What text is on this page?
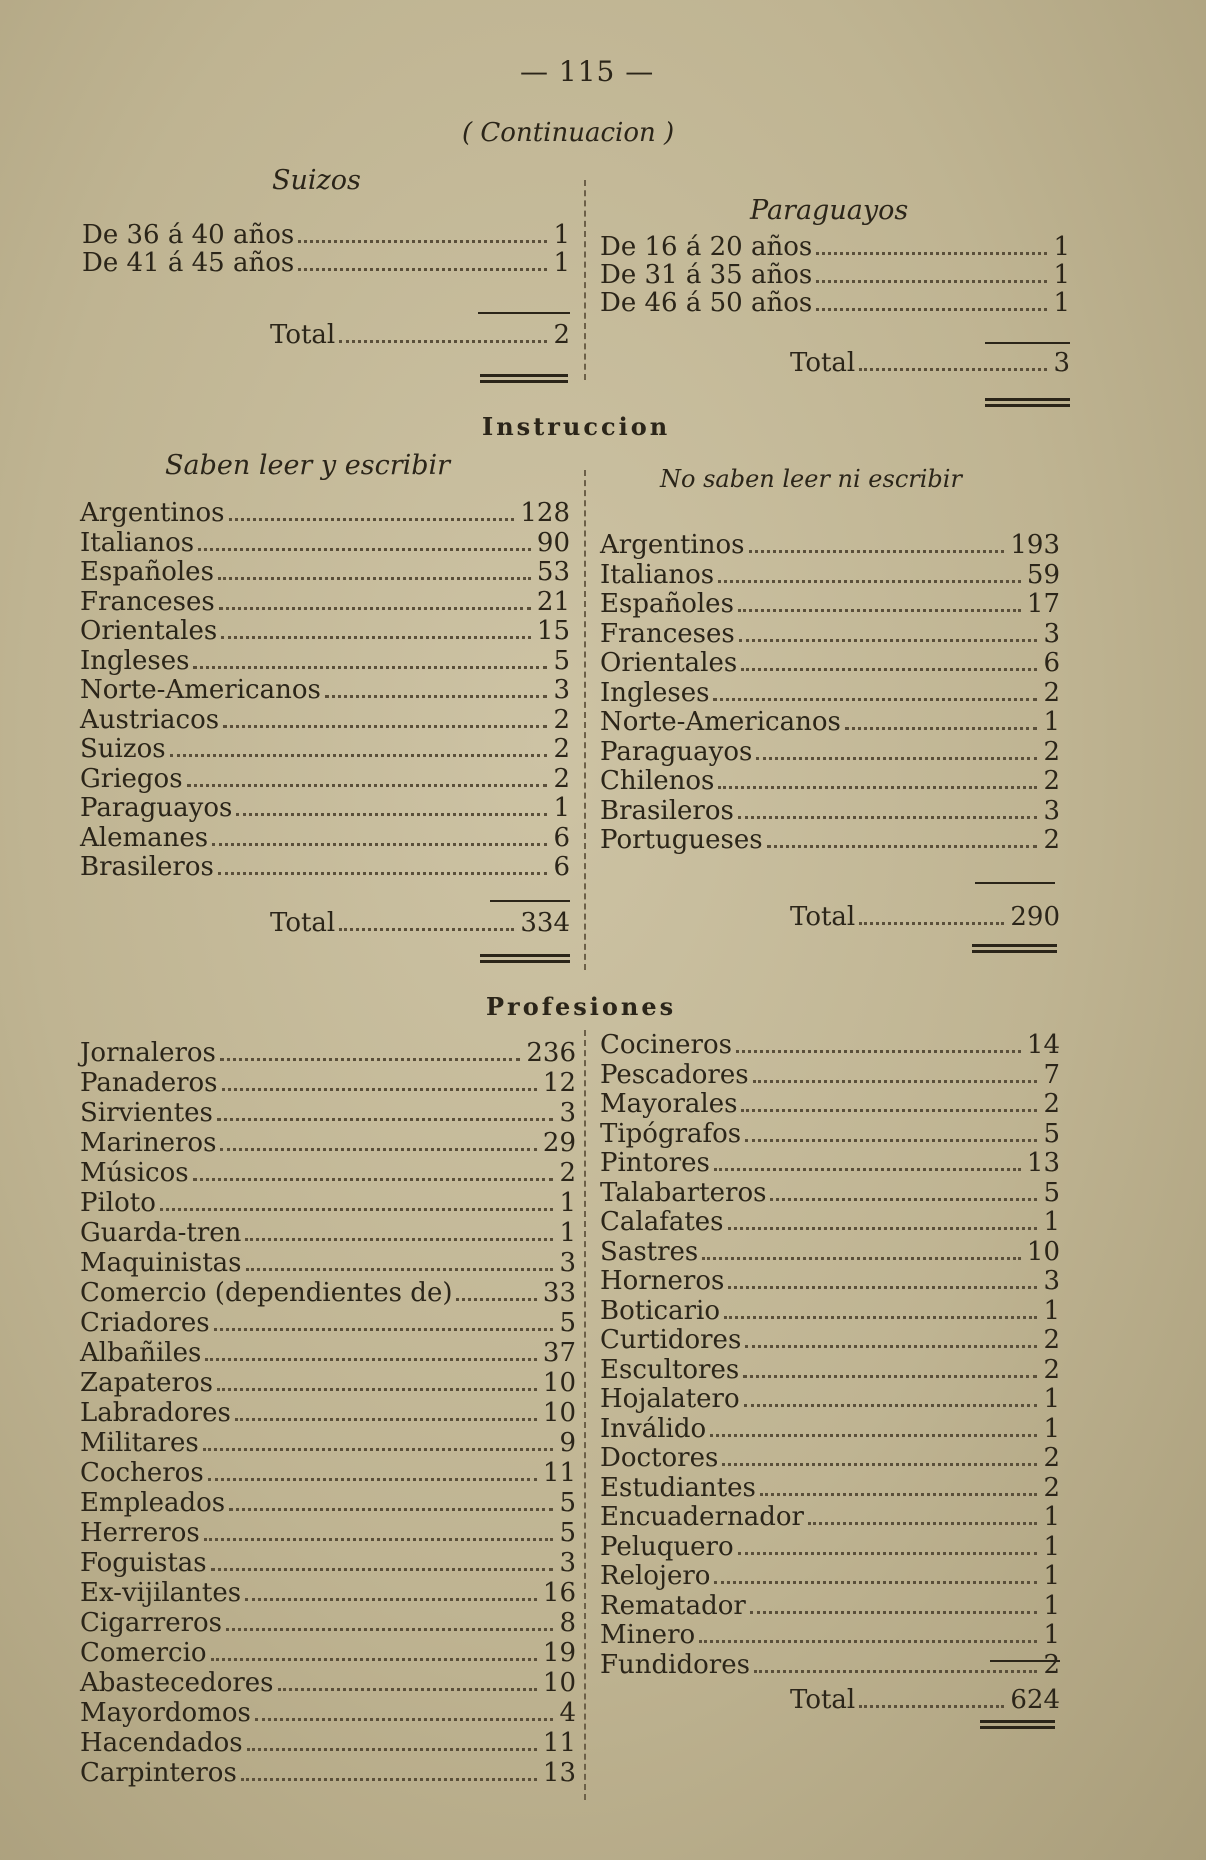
— 115 —
( Continuacion )
Suizos
De 36 á 40 años	1
De 41 á 45 años	1
Total	2
Paraguayos
De 16 á 20 años	1
De 31 á 35 años	1
De 46 á 50 años	1
Total	3
Instruccion
Saben leer y escribir	No saben leer ni escribir
Argentinos	128
Italianos	90
Españoles	53
Franceses	21
Orientales	15
Ingleses	5
Norte-Americanos	3
Austriacos	2
Suizos	2
Griegos	2
Paraguayos	1
Alemanes	6
Brasileros	6
Argentinos	193
Italianos	59
Españoles	17
Franceses	3
Orientales	6
Ingleses	2
Norte-Americanos	1
Paraguayos	2
Chilenos	2
Brasileros	3
Portugueses	2
Total	334	Total	290
Profesiones
Jornaleros	236
Panaderos	12
Sirvientes	3
Marineros	29
Músicos	2
Piloto	1
Guarda-tren	1
Maquinistas	3
Comercio (dependientes de)	33
Criadores	5
Albañiles	37
Zapateros	10
Labradores	10
Militares	9
Cocheros	11
Empleados	5
Herreros	5
Foguistas	3
Ex-vijilantes	16
Cigarreros	8
Comercio	19
Abastecedores	10
Mayordomos	4
Hacendados	11
Carpinteros	13
Cocineros	14
Pescadores	7
Mayorales	2
Tipógrafos	5
Pintores	13
Talabarteros	5
Calafates	1
Sastres	10
Horneros	3
Boticario	1
Curtidores	2
Escultores	2
Hojalatero	1
Inválido	1
Doctores	2
Estudiantes	2
Encuadernador	1
Peluquero	1
Relojero	1
Rematador	1
Minero	1
Fundidores	2
Total	624
